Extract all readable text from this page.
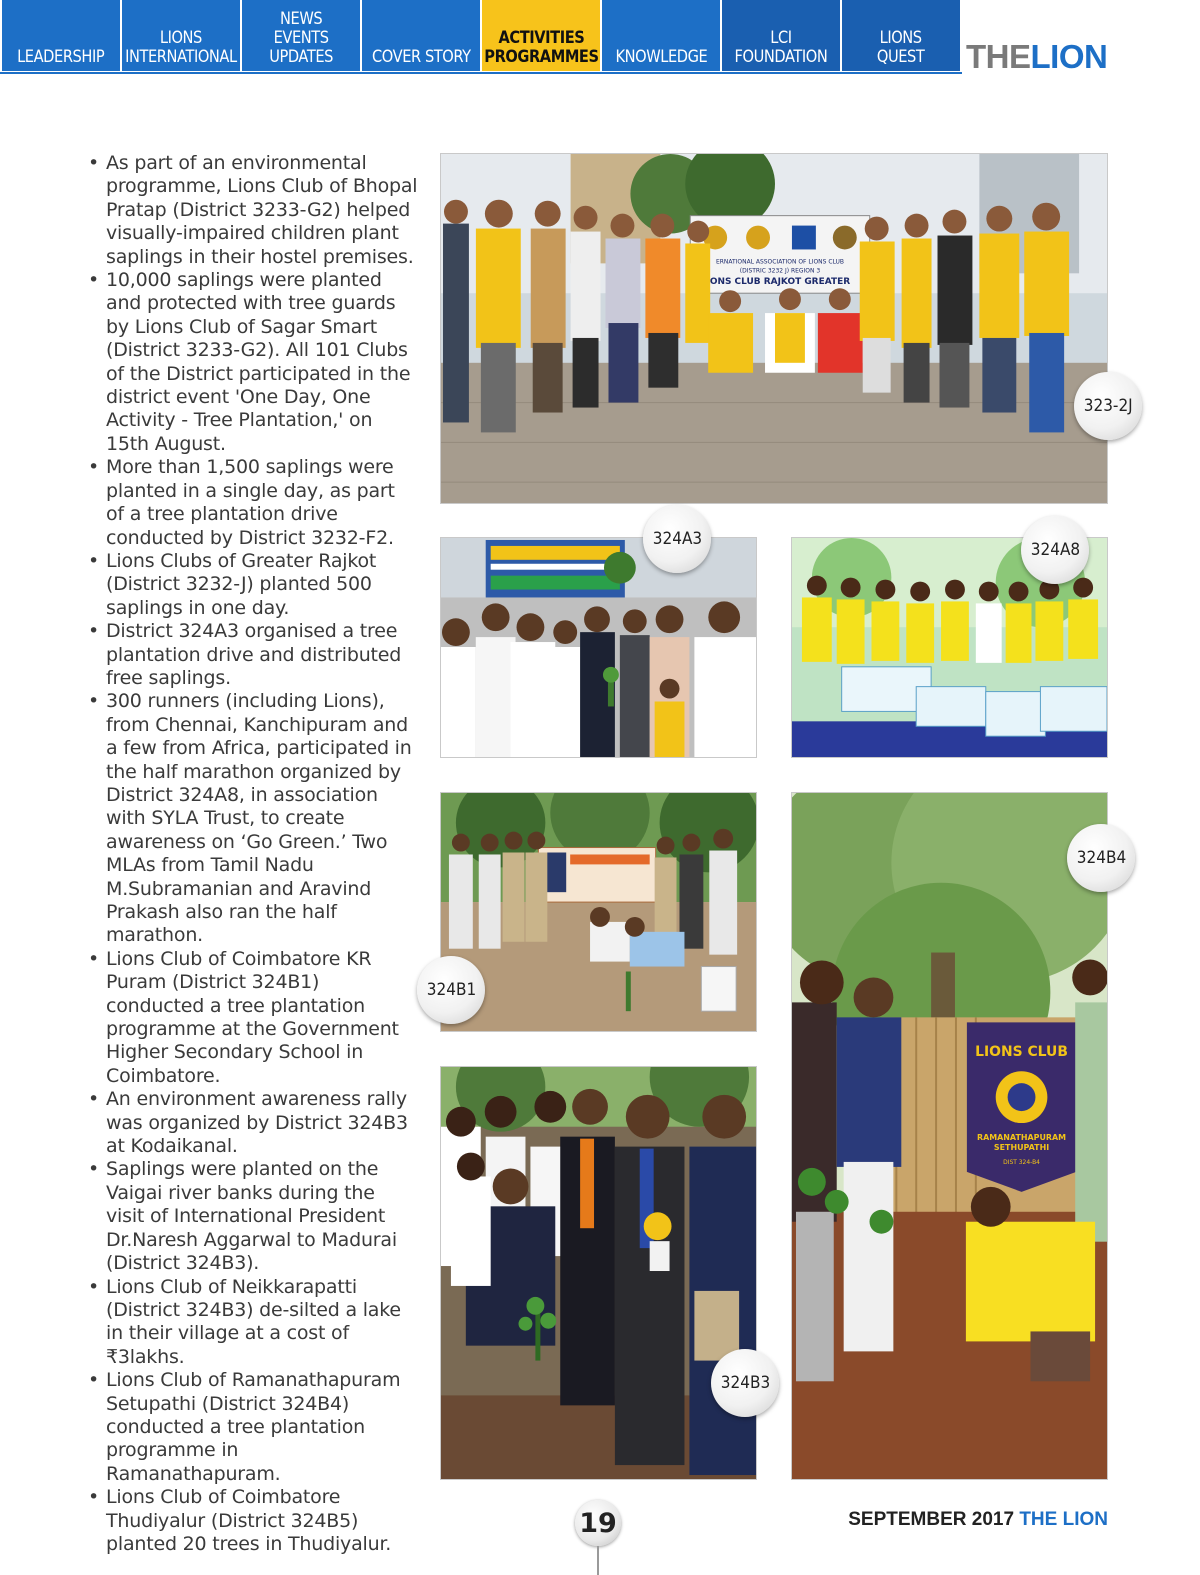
LEADERSHIP
LIONS
INTERNATIONAL
NEWS
EVENTS
UPDATES COVER STORY
ACTIVITIES
PROGRAMMES KNOWLEDGE
LCI
FOUNDATION
LIONS
QUEST THELION
• As part of an environmental programme, Lions Club of Bhopal Pratap (District 3233-G2) helped visually-impaired children plant saplings in their hostel premises.
• 10,000 saplings were planted and protected with tree guards by Lions Club of Sagar Smart (District 3233-G2). All 101 Clubs of the District participated in the district event 'One Day, One Activity - Tree Plantation,' on 15th August.
• More than 1,500 saplings were planted in a single day, as part of a tree plantation drive conducted by District 3232-F2.
• Lions Clubs of Greater Rajkot (District 3232-J) planted 500 saplings in one day.
• District 324A3 organised a tree plantation drive and distributed free saplings.
• 300 runners (including Lions), from Chennai, Kanchipuram and a few from Africa, participated in the half marathon organized by District 324A8, in association with SYLA Trust, to create awareness on ‘Go Green.’ Two MLAs from Tamil Nadu M.Subramanian and Aravind Prakash also ran the half marathon.
• Lions Club of Coimbatore KR Puram (District 324B1) conducted a tree plantation programme at the Government Higher Secondary School in Coimbatore.
• An environment awareness rally was organized by District 324B3 at Kodaikanal.
• Saplings were planted on the Vaigai river banks during the visit of International President Dr.Naresh Aggarwal to Madurai (District 324B3).
• Lions Club of Neikkarapatti (District 324B3) de-silted a lake in their village at a cost of ₹3lakhs.
• Lions Club of Ramanathapuram Setupathi (District 324B4) conducted a tree plantation programme in Ramanathapuram.
• Lions Club of Coimbatore Thudiyalur (District 324B5) planted 20 trees in Thudiyalur.
ERNATIONAL ASSOCIATION OF LIONS CLUB
(DISTRIC 3232 J) REGION 3
ONS CLUB RAJKOT GREATER
323-2J
324A3
324A8
324B1
LIONS CLUB
RAMANATHAPURAM SETHUPATHI
DIST 324-B4
324B4
324B3
19	SEPTEMBER 2017 THE LION
